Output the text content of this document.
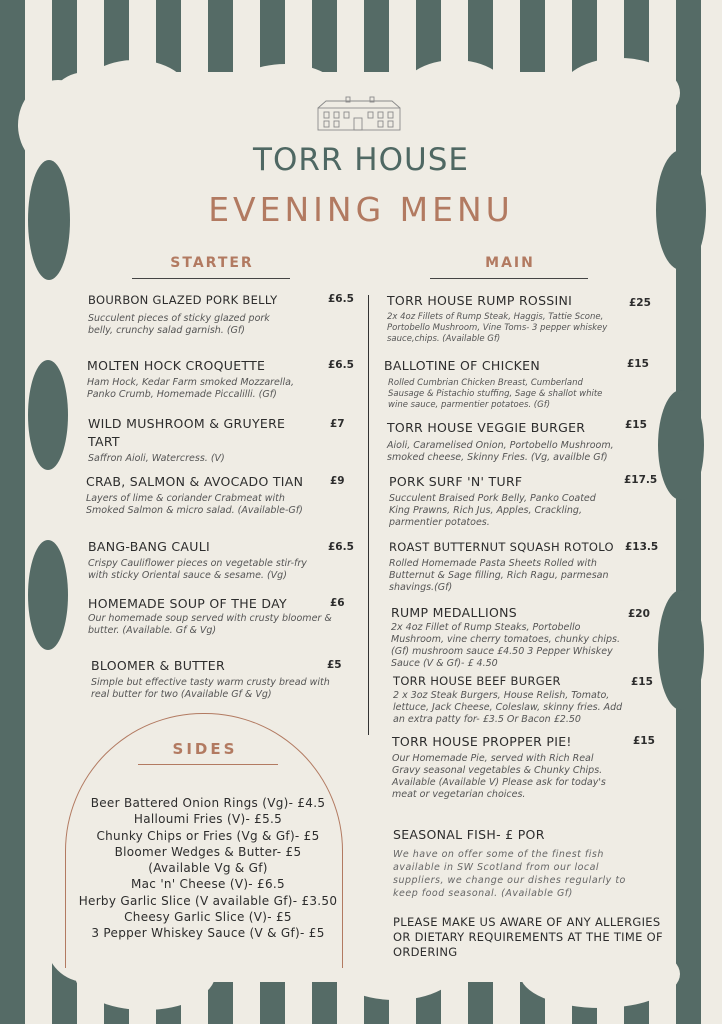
TORR HOUSE
EVENING MENU
STARTER
BOURBON GLAZED PORK BELLY
Succulent pieces of sticky glazed pork belly, crunchy salad garnish. (Gf)
£6.5
MOLTEN HOCK CROQUETTE
Ham Hock, Kedar Farm smoked Mozzarella, Panko Crumb, Homemade Piccalilli. (Gf)
£6.5
WILD MUSHROOM & GRUYERE TART
Saffron Aioli, Watercress. (V)
£7
CRAB, SALMON & AVOCADO TIAN
Layers of lime & coriander Crabmeat with Smoked Salmon & micro salad. (Available-Gf)
£9
BANG-BANG CAULI
Crispy Cauliflower pieces on vegetable stir-fry with sticky Oriental sauce & sesame. (Vg)
£6.5
HOMEMADE SOUP OF THE DAY
Our homemade soup served with crusty bloomer & butter. (Available. Gf & Vg)
£6
BLOOMER & BUTTER
Simple but effective tasty warm crusty bread with real butter for two (Available Gf & Vg)
£5
MAIN
TORR HOUSE RUMP ROSSINI
2x 4oz Fillets of Rump Steak, Haggis, Tattie Scone, Portobello Mushroom, Vine Toms- 3 pepper whiskey sauce,chips. (Available Gf)
£25
BALLOTINE OF CHICKEN
Rolled Cumbrian Chicken Breast, Cumberland Sausage & Pistachio stuffing, Sage & shallot white wine sauce, parmentier potatoes. (Gf)
£15
TORR HOUSE VEGGIE BURGER
Aioli, Caramelised Onion, Portobello Mushroom, smoked cheese, Skinny Fries. (Vg, availble Gf)
£15
PORK SURF 'N' TURF
Succulent Braised Pork Belly, Panko Coated King Prawns, Rich Jus, Apples, Crackling, parmentier potatoes.
£17.5
ROAST BUTTERNUT SQUASH ROTOLO
Rolled Homemade Pasta Sheets Rolled with Butternut & Sage filling, Rich Ragu, parmesan shavings.(Gf)
£13.5
RUMP MEDALLIONS
2x 4oz Fillet of Rump Steaks, Portobello Mushroom, vine cherry tomatoes, chunky chips. (Gf) mushroom sauce £4.50 3 Pepper Whiskey Sauce (V & Gf)- £ 4.50
£20
TORR HOUSE BEEF BURGER
2 x 3oz Steak Burgers, House Relish, Tomato, lettuce, Jack Cheese, Coleslaw, skinny fries. Add an extra patty for- £3.5 Or Bacon £2.50
£15
TORR HOUSE PROPPER PIE!
Our Homemade Pie, served with Rich Real Gravy seasonal vegetables & Chunky Chips. Available (Available V) Please ask for today's meat or vegetarian choices.
£15
SEASONAL FISH- £ POR
We have on offer some of the finest fish available in SW Scotland from our local suppliers, we change our dishes regularly to keep food seasonal. (Available Gf)
PLEASE MAKE US AWARE OF ANY ALLERGIES OR DIETARY REQUIREMENTS AT THE TIME OF ORDERING
SIDES
Beer Battered Onion Rings (Vg)- £4.5
Halloumi Fries (V)- £5.5
Chunky Chips or Fries (Vg & Gf)- £5
Bloomer Wedges & Butter- £5
(Available Vg & Gf)
Mac 'n' Cheese (V)- £6.5
Herby Garlic Slice (V available Gf)- £3.50
Cheesy Garlic Slice (V)- £5
3 Pepper Whiskey Sauce (V & Gf)- £5
